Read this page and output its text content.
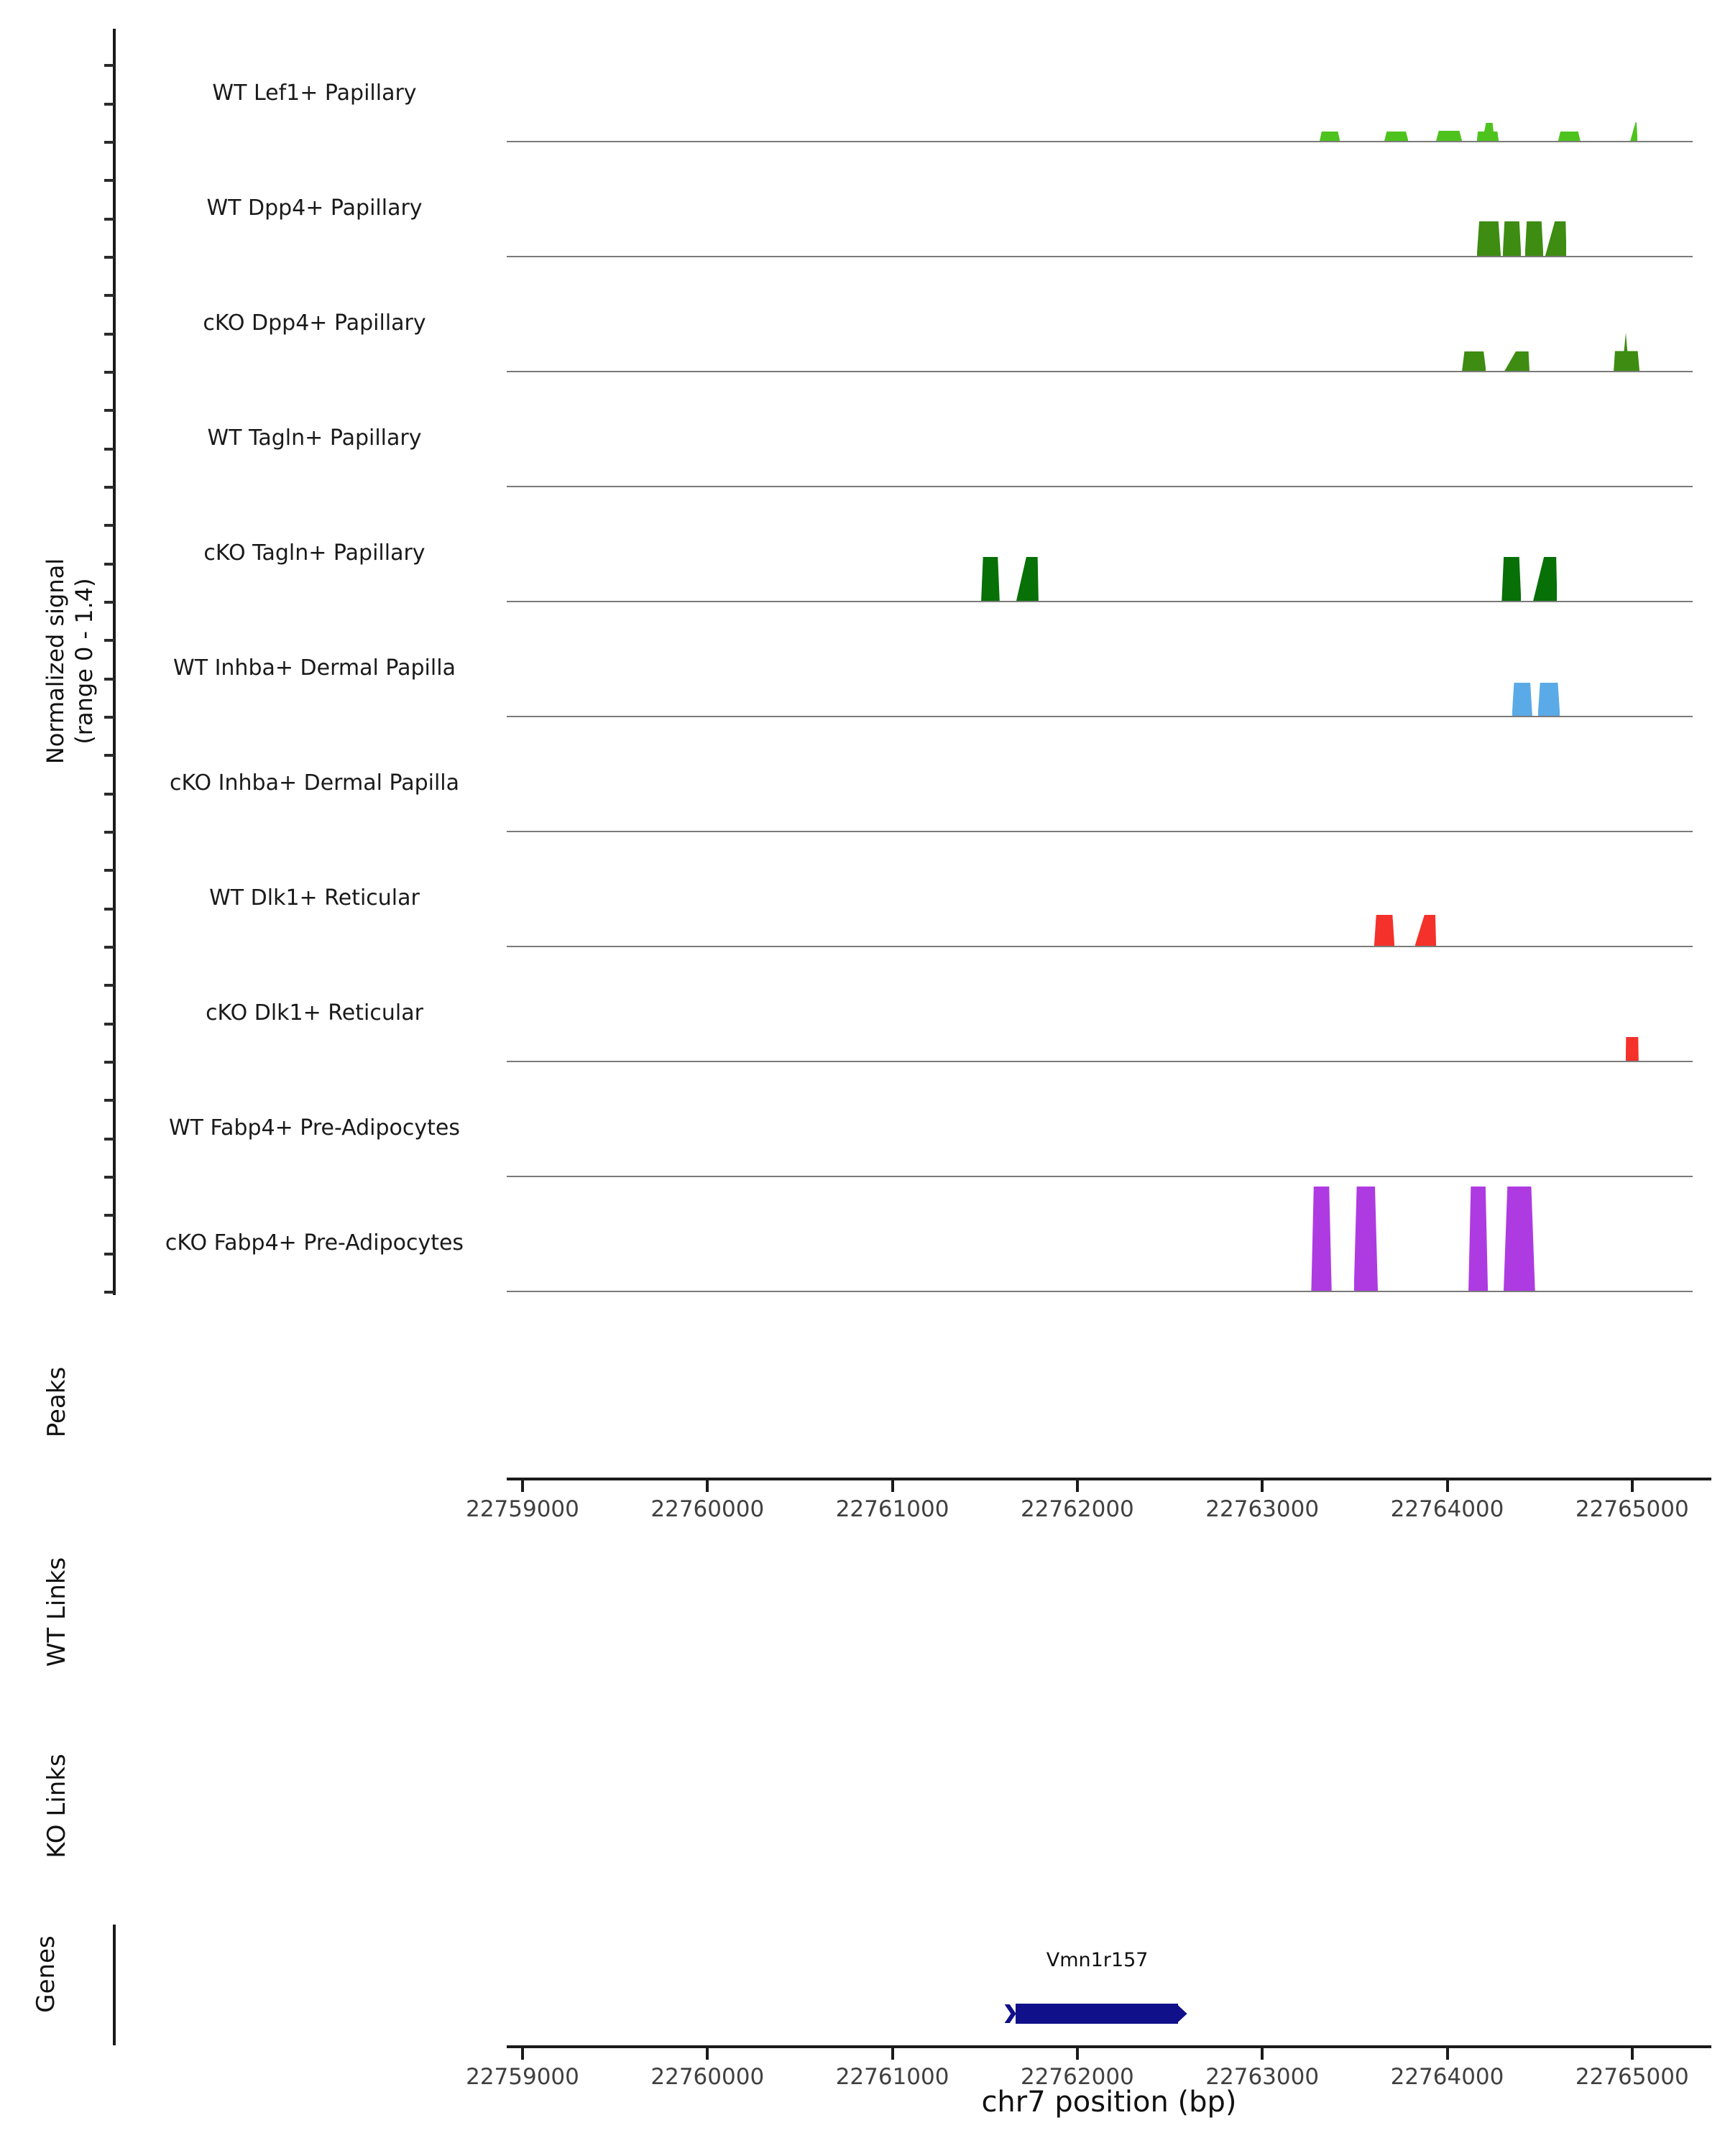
Normalized signal (range 0 - 1.4)
WT Lef1+ Papillary
WT Dpp4+ Papillary
cKO Dpp4+ Papillary
WT Tagln+ Papillary
cKO Tagln+ Papillary
WT Inhba+ Dermal Papilla
cKO Inhba+ Dermal Papilla
WT Dlk1+ Reticular
cKO Dlk1+ Reticular
WT Fabp4+ Pre-Adipocytes
cKO Fabp4+ Pre-Adipocytes
Peaks
WT Links
KO Links
Genes
22759000	22760000	22761000	22762000	22763000	22764000	22765000
Vmn1r157
22759000	22760000	22761000	22762000	22763000	22764000	22765000
chr7 position (bp)
